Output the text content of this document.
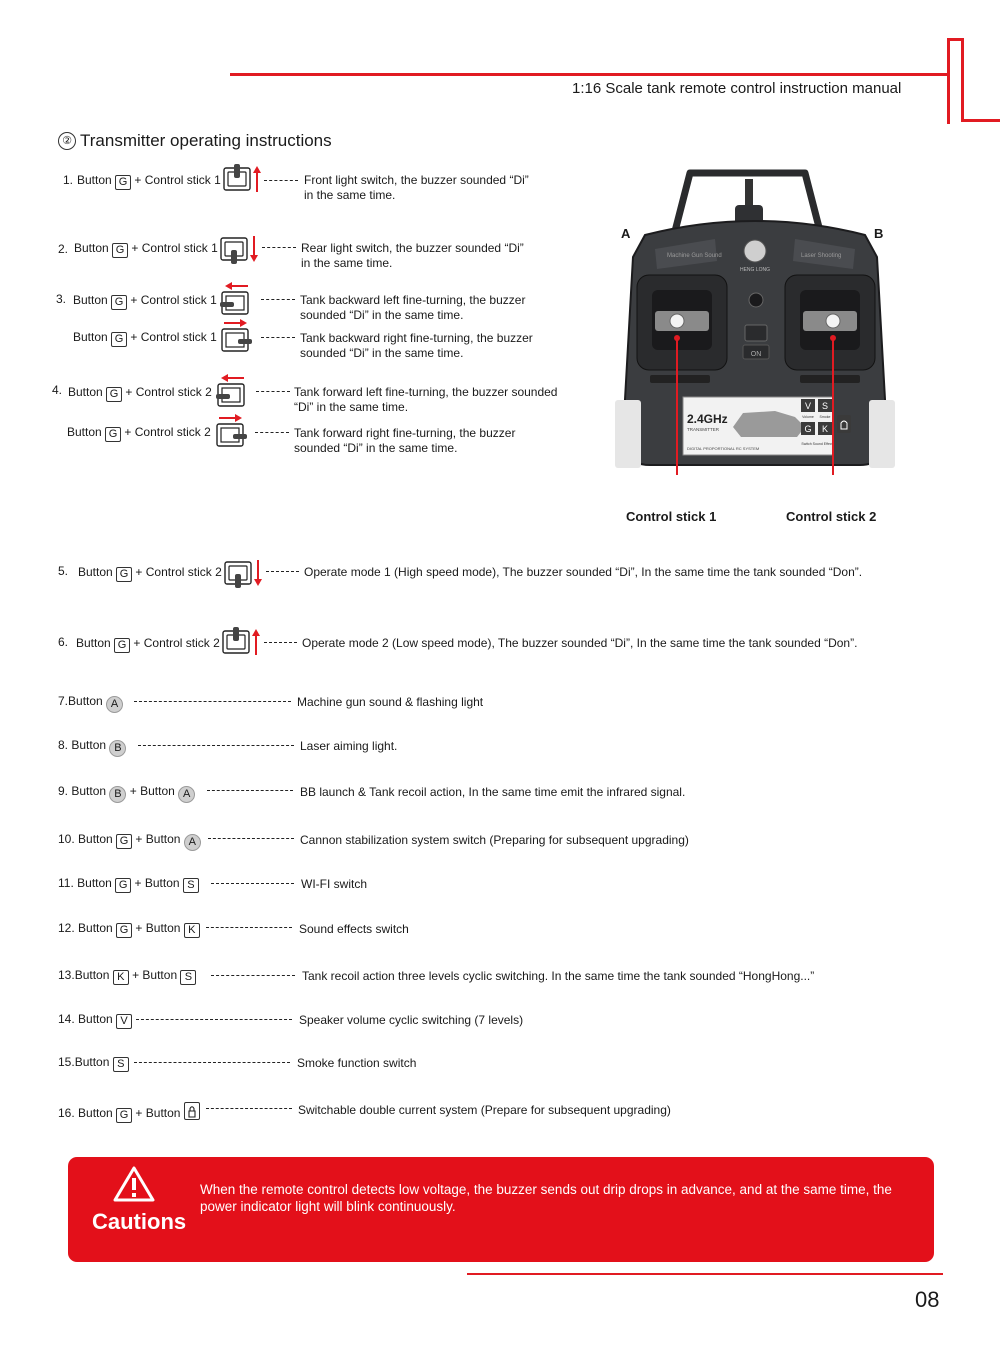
1:16 Scale tank remote control instruction manual
② Transmitter operating instructions
1. Button G + Control stick 1	Front light switch, the buzzer sounded “Di”
in the same time.
2. Button G + Control stick 1	Rear light switch, the buzzer sounded “Di”
in the same time.
3. Button G + Control stick 1	Tank backward left fine-turning, the buzzer
sounded “Di” in the same time.
Button G + Control stick 1	Tank backward right fine-turning, the buzzer
sounded “Di” in the same time.
4. Button G + Control stick 2	Tank forward left fine-turning, the buzzer sounded
“Di” in the same time.
Button G + Control stick 2	Tank forward right fine-turning, the buzzer
sounded “Di” in the same time.
Machine Gun Sound	Laser Shooting
HENG LONG
ON
2.4GHz
TRANSMITTER
DIGITAL PROPORTIONAL RC SYSTEM
V S
Volume Smoke
G K
Switch Sound Effect
A	B
Control stick 1	Control stick 2
5. Button G + Control stick 2	Operate mode 1 (High speed mode), The buzzer sounded “Di”, In the same time the tank sounded “Don”.
6. Button G + Control stick 2	Operate mode 2 (Low speed mode), The buzzer sounded “Di”, In the same time the tank sounded “Don”.
7.Button A	Machine gun sound & flashing light
8. Button B	Laser aiming light.
9. Button B + Button A	BB launch & Tank recoil action, In the same time emit the infrared signal.
10. Button G + Button A	Cannon stabilization system switch (Preparing for subsequent upgrading)
11. Button G + Button S	WI-FI switch
12. Button G + Button K	Sound effects switch
13.Button K + Button S	Tank recoil action three levels cyclic switching. In the same time the tank sounded “HongHong...”
14. Button V	Speaker volume cyclic switching (7 levels)
15.Button S	Smoke function switch
16. Button G + Button	Switchable double current system (Prepare for subsequent upgrading)
Cautions
When the remote control detects low voltage, the buzzer sends out drip drops in advance, and at the same time, the power indicator light will blink continuously.
08
